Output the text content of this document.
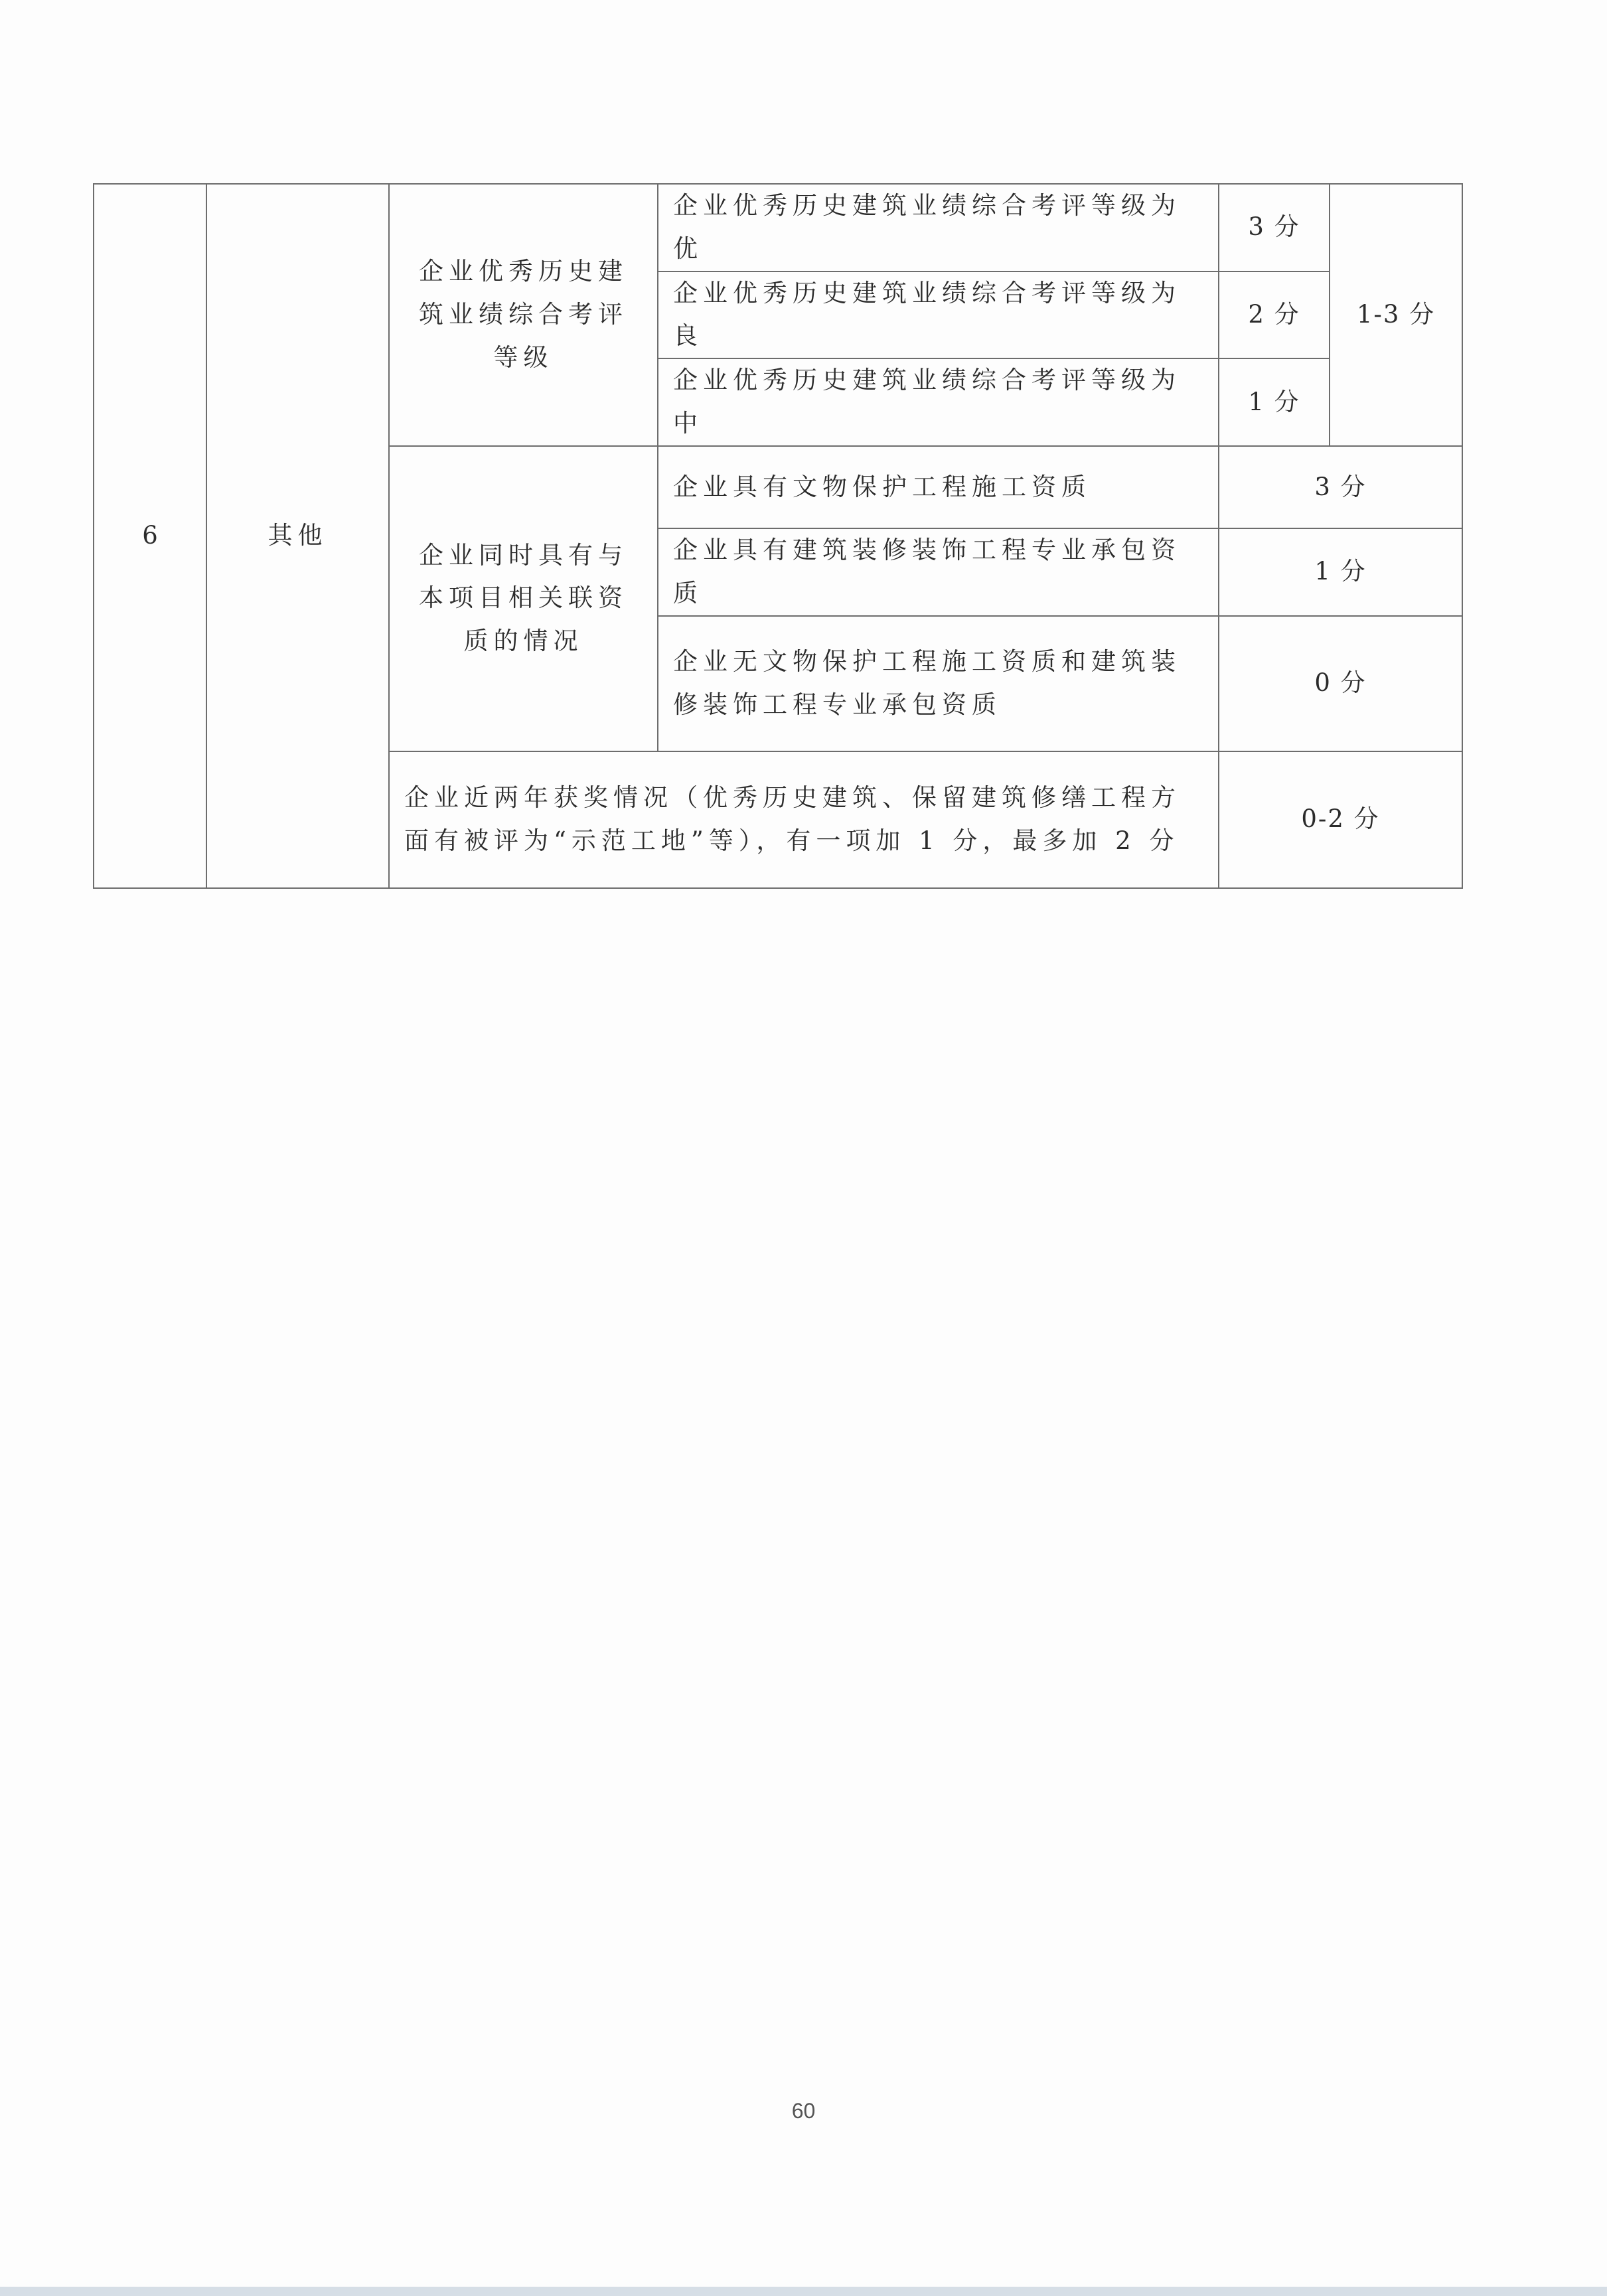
6	其他	企业优秀历史建筑业绩综合考评等级	企业优秀历史建筑业绩综合考评等级为优	3 分	1-3 分
			企业优秀历史建筑业绩综合考评等级为良	2 分	
			企业优秀历史建筑业绩综合考评等级为中	1 分	
		企业同时具有与本项目相关联资质的情况	企业具有文物保护工程施工资质	3 分	
			企业具有建筑装修装饰工程专业承包资质	1 分	
			企业无文物保护工程施工资质和建筑装修装饰工程专业承包资质	0 分	
		企业近两年获奖情况（优秀历史建筑、保留建筑修缮工程方面有被评为“示范工地”等），有一项加 1 分，最多加 2 分		0-2 分	
60
